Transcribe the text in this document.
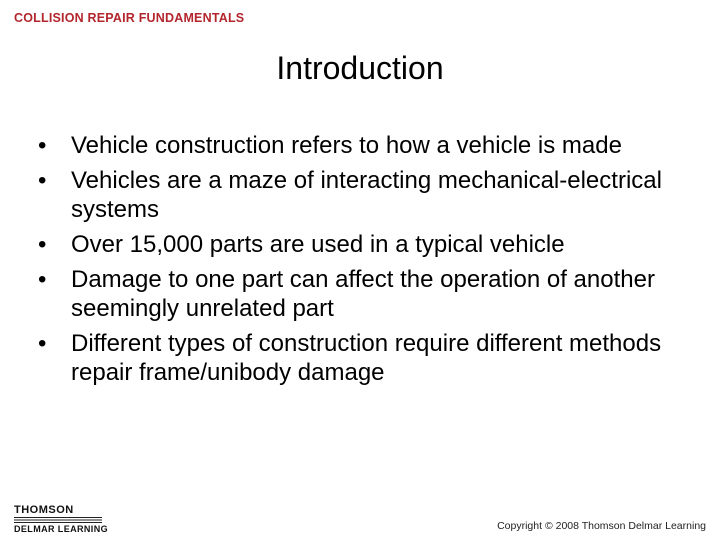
COLLISION REPAIR FUNDAMENTALS
Introduction
•	Vehicle construction refers to how a vehicle is made
•	Vehicles are a maze of interacting mechanical-electrical systems
•	Over 15,000 parts are used in a typical vehicle
•	Damage to one part can affect the operation of another seemingly unrelated part
•	Different types of construction require different methods repair frame/unibody damage
THOMSON
DELMAR LEARNING	Copyright © 2008 Thomson Delmar Learning
